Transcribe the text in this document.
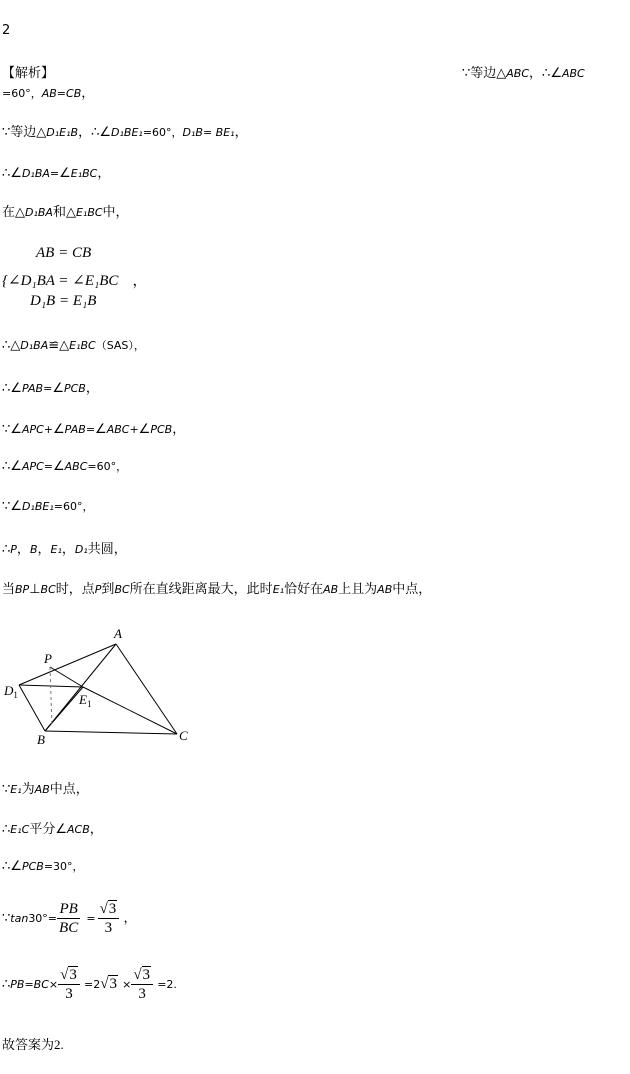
2
【解析】	∵等边△ABC，∴∠ABC
=60°，AB=CB，
∵等边△D₁E₁B，∴∠D₁BE₁=60°，D₁B= BE₁，
∴∠D₁BA=∠E₁BC，
在△D₁BA和△E₁BC中，
AB = CB
{∠D₁BA = ∠E₁BC ，
D₁B = E₁B
∴△D₁BA≌△E₁BC（SAS），
∴∠PAB=∠PCB，
∵∠APC+∠PAB=∠ABC+∠PCB，
∴∠APC=∠ABC=60°，
∵∠D₁BE₁=60°，
∴P，B，E₁，D₁共圆，
当BP⊥BC时，点P到BC所在直线距离最大，此时E₁恰好在AB上且为AB中点，
A
P
$D_1$	$E_1$
B	C
∵E₁为AB中点，
∴E₁C平分∠ACB，
∴∠PCB=30°，
∵tan30°= $\frac{PB}{BC} = \frac{√3}{3}$ ，
∴PB=BC× $\frac{√3}{3} =2√3 \times \frac{√3}{3} =2$.
故答案为2.
